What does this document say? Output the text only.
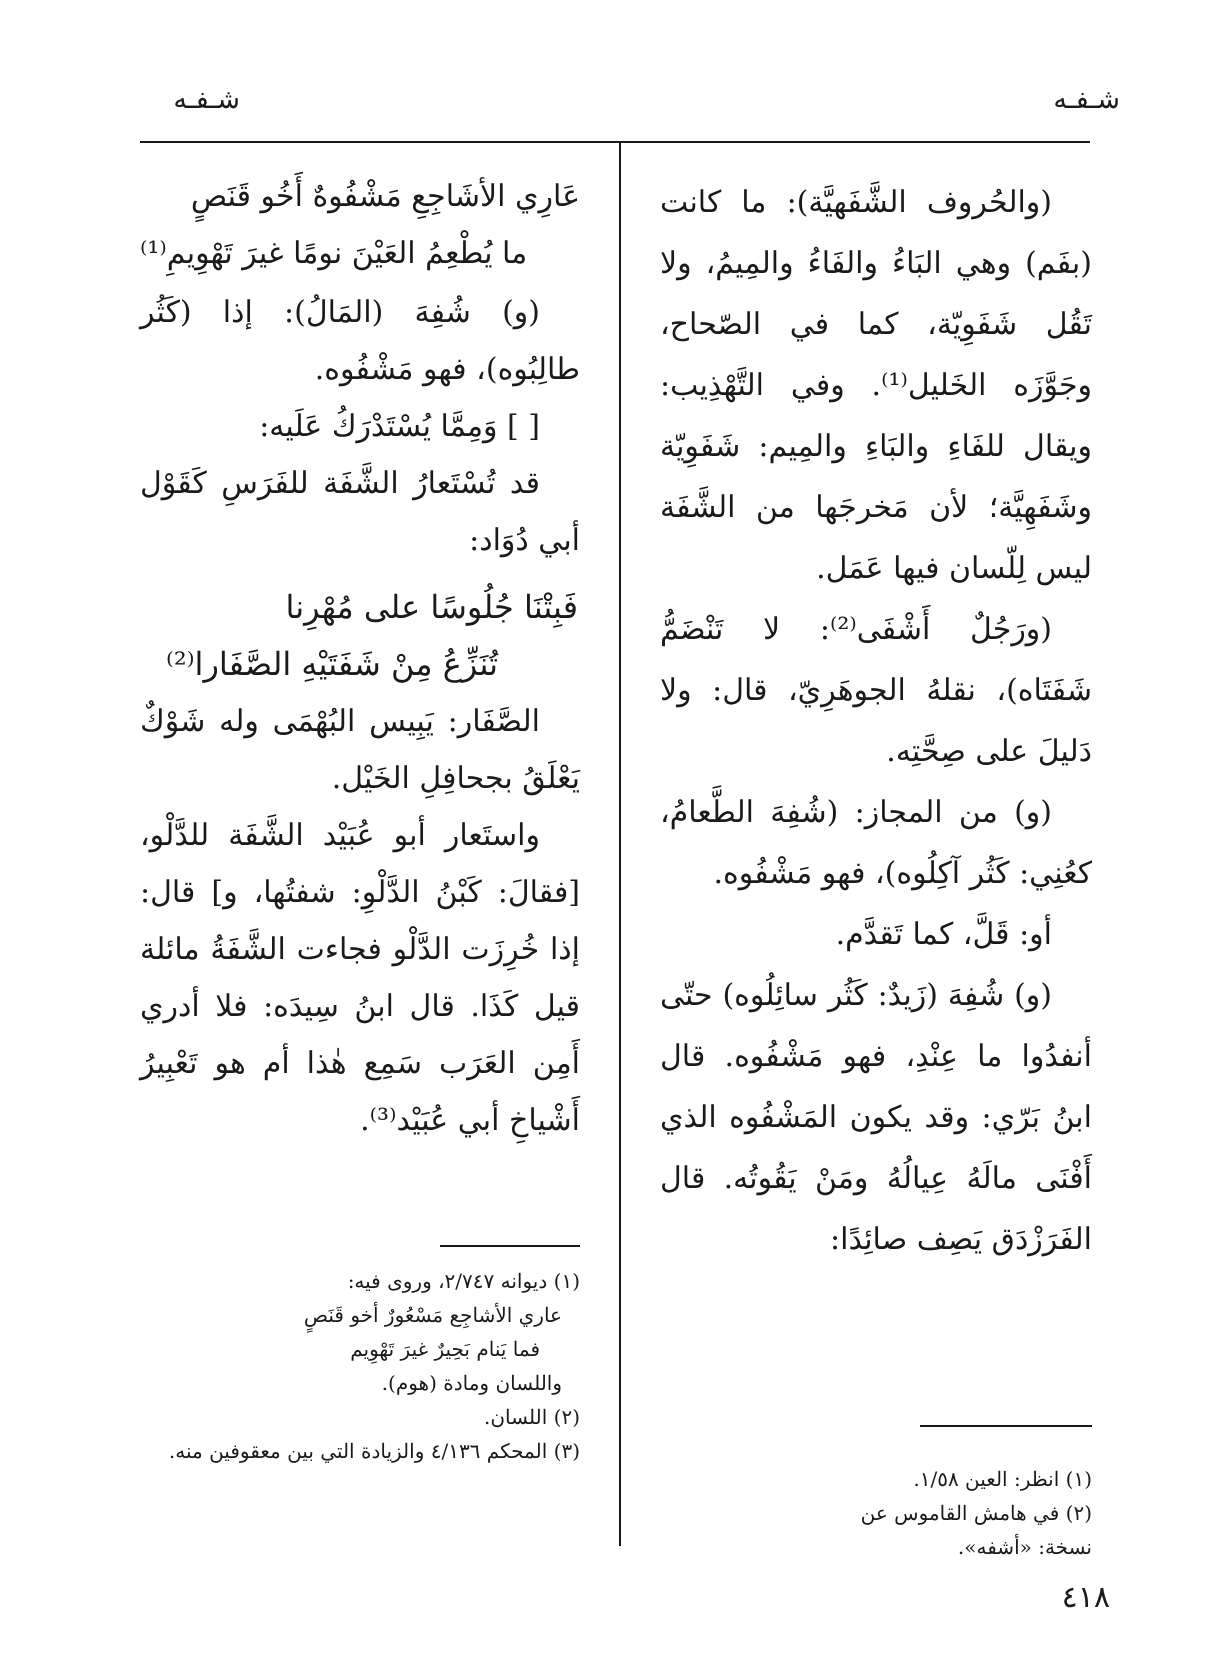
شـفـه
شـفـه

(والحُروف الشَّفَهيَّة): ما كانت (بفَم) وهي البَاءُ والفَاءُ والمِيمُ، ولا تَقُل شَفَوِيّة، كما في الصّحاح، وجَوَّزَه الخَليل⁽¹⁾. وفي التَّهْذِيب: ويقال للفَاءِ والبَاءِ والمِيم: شَفَوِيّة وشَفَهِيَّة؛ لأن مَخرجَها من الشَّفَة ليس لِلّسان فيها عَمَل.

(ورَجُلٌ أَشْفَى⁽²⁾: لا تَنْضَمُّ شَفَتَاه)، نقلهُ الجوهَرِيّ، قال: ولا دَليلَ على صِحَّتِه.

(و) من المجاز: (شُفِهَ الطَّعامُ، كعُنِي: كَثُر آكِلُوه)، فهو مَشْفُوه.

أو: قَلَّ، كما تَقدَّم.

(و) شُفِهَ (زَيدٌ: كَثُر سائِلُوه) حتّى أنفدُوا ما عِنْدِ، فهو مَشْفُوه. قال ابنُ بَرّي: وقد يكون المَشْفُوه الذي أَفْنَى مالَهُ عِيالُهُ ومَنْ يَقُوتُه. قال الفَرَزْدَق يَصِف صائِدًا:

عَارِي الأشَاجِعِ مَشْفُوهٌ أَخُو قَنَصٍ
ما يُطْعِمُ العَيْنَ نومًا غيرَ تَهْوِيمِ⁽¹⁾

(و) شُفِهَ (المَالُ): إذا (كَثُر طالِبُوه)، فهو مَشْفُوه.

[ ] وَمِمَّا يُسْتَدْرَكُ عَلَيه:

قد تُسْتَعارُ الشَّفَة للفَرَسِ كَقَوْل أبي دُوَاد:

فَبِتْنَا جُلُوسًا على مُهْرِنا
تُنَزِّعُ مِنْ شَفَتَيْهِ الصَّفَارا⁽²⁾

الصَّفَار: يَبِيس البُهْمَى وله شَوْكٌ يَعْلَقُ بجحافِلِ الخَيْل.

واستَعار أبو عُبَيْد الشَّفَة للدَّلْو، [فقالَ: كَبْنُ الدَّلْوِ: شفتُها، و] قال: إذا خُرِزَت الدَّلْو فجاءت الشَّفَةُ مائلة قيل كَذَا. قال ابنُ سِيدَه: فلا أدري أَمِن العَرَب سَمِع هٰذا أم هو تَعْبِيرُ أَشْياخِ أبي عُبَيْد⁽³⁾.

(١) انظر: العين ١/٥٨.

(٢) في هامش القاموس عن نسخة: «أشفه».

(١) ديوانه ٢/٧٤٧، وروى فيه:

عاري الأشاجِع مَسْعُورٌ أخو قَنَصٍ

فما يَنام بَحِيرٌ غيرَ تَهْوِيم

واللسان ومادة (هوم).

(٢) اللسان.

(٣) المحكم ٤/١٣٦ والزيادة التي بين معقوفين منه.

٤١٨
